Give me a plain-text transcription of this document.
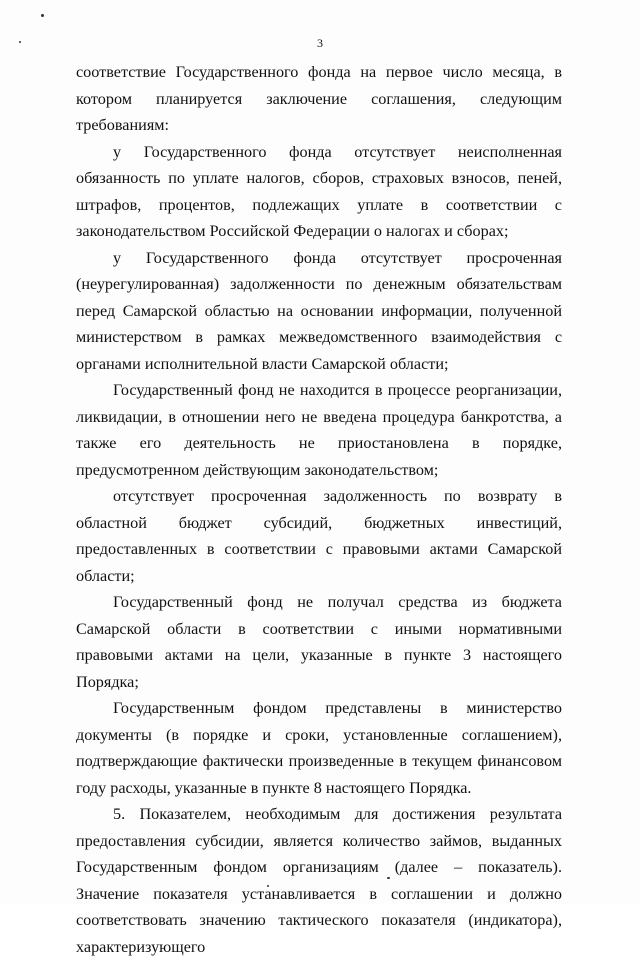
3

соответствие Государственного фонда на первое число месяца, в котором планируется заключение соглашения, следующим требованиям:

у Государственного фонда отсутствует неисполненная обязанность по уплате налогов, сборов, страховых взносов, пеней, штрафов, процентов, подлежащих уплате в соответствии с законодательством Российской Федерации о налогах и сборах;

у Государственного фонда отсутствует просроченная (неурегулированная) задолженности по денежным обязательствам перед Самарской областью на основании информации, полученной министерством в рамках межведомственного взаимодействия с органами исполнительной власти Самарской области;

Государственный фонд не находится в процессе реорганизации, ликвидации, в отношении него не введена процедура банкротства, а также его деятельность не приостановлена в порядке, предусмотренном действующим законодательством;

отсутствует просроченная задолженность по возврату в областной бюджет субсидий, бюджетных инвестиций, предоставленных в соответствии с правовыми актами Самарской области;

Государственный фонд не получал средства из бюджета Самарской области в соответствии с иными нормативными правовыми актами на цели, указанные в пункте 3 настоящего Порядка;

Государственным фондом представлены в министерство документы (в порядке и сроки, установленные соглашением), подтверждающие фактически произведенные в текущем финансовом году расходы, указанные в пункте 8 настоящего Порядка.

5. Показателем, необходимым для достижения результата предоставления субсидии, является количество займов, выданных Государственным фондом организациям (далее – показатель). Значение показателя устанавливается в соглашении и должно соответствовать значению тактического показателя (индикатора), характеризующего
